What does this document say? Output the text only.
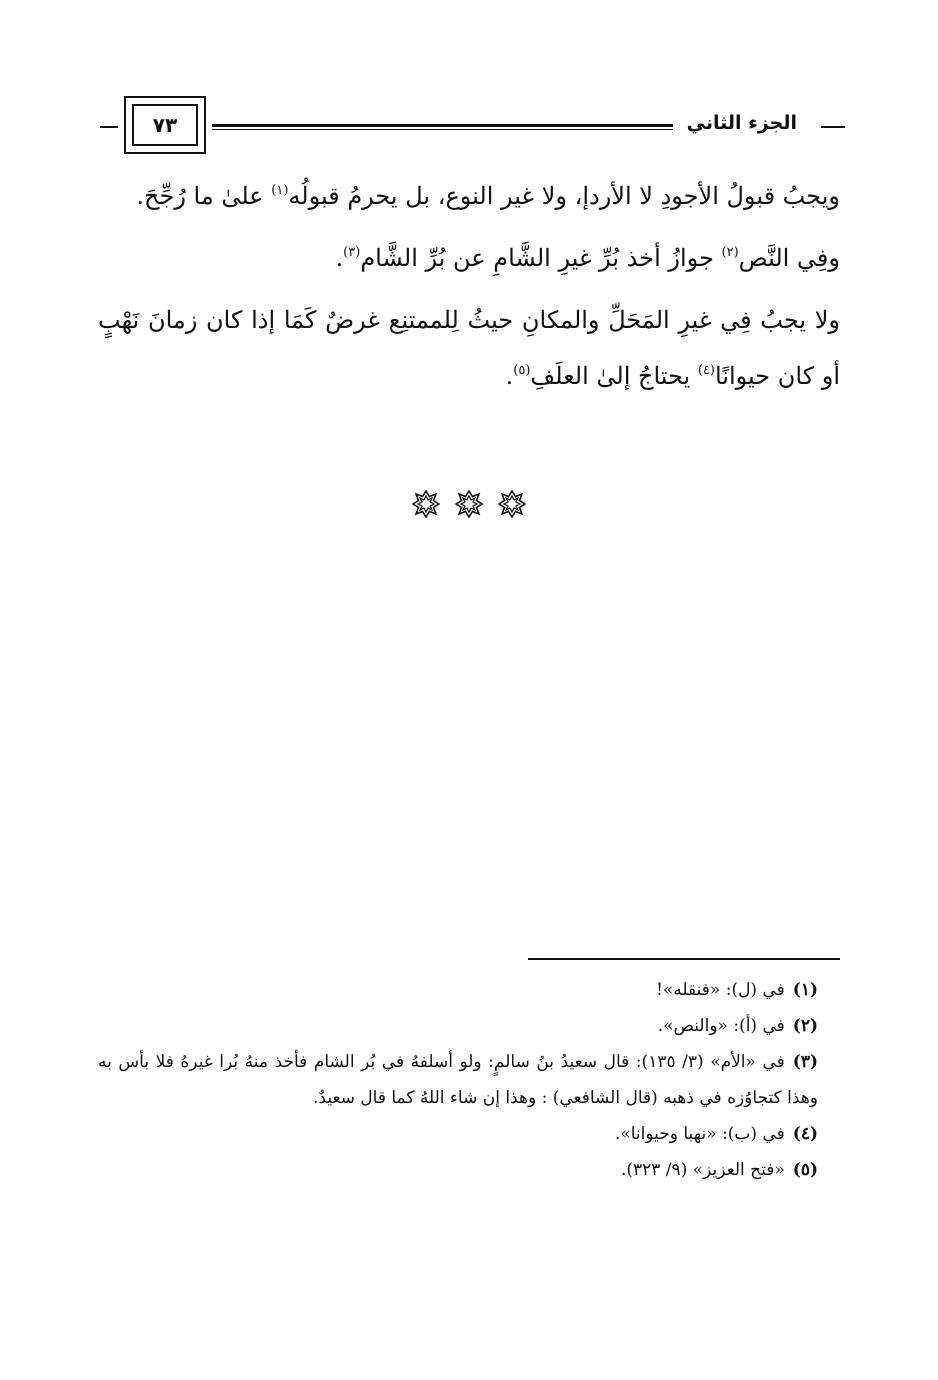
الجزء الثاني
٧٣

ويجبُ قبولُ الأجودِ لا الأردإ، ولا غير النوع، بل يحرمُ قبولُه$^{(١)}$ علىٰ ما رُجِّحَ.

وفِي النَّص$^{(٢)}$ جوازُ أخذ بُرِّ غيرِ الشَّامِ عن بُرِّ الشَّام$^{(٣)}$.

ولا يجبُ فِي غيرِ المَحَلِّ والمكانِ حيثُ لِلممتنِع غرضٌ كَمَا إذا كان زمانَ نَهْبٍ أو كان حيوانًا$^{(٤)}$ يحتاجُ إلىٰ العلَفِ$^{(٥)}$.

(١)في (ل): «فنقله»!

(٢)في (أ): «والنص».

(٣)في «الأم» (٣/ ١٣٥): قال سعيدُ بنُ سالمٍ: ولو أسلفهُ في بُر الشام فأخذ منهُ بُرا غيرهُ فلا بأس به وهذا كتجاوُزه في ذهبه (قال الشافعي) : وهذا إن شاء اللهُ كما قال سعيدٌ.

(٤)في (ب): «نهبا وحيوانا».

(٥)«فتح العزيز» (٩/ ٣٢٣).
